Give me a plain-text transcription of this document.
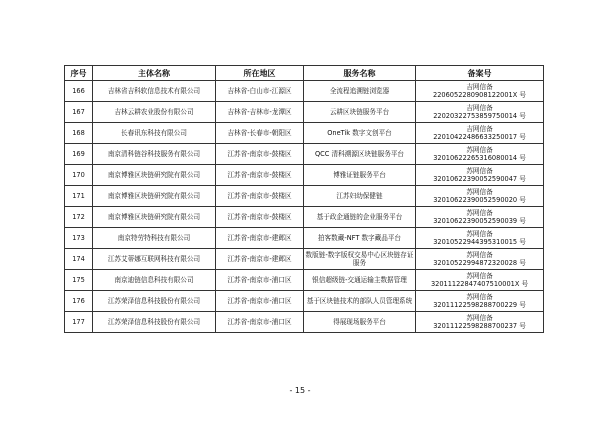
序号	主体名称	所在地区	服务名称	备案号
166	吉林省吉科软信息技术有限公司	吉林省-白山市-江源区	全流程追溯链浏览器	吉网信备
22060522809081220​01X 号

167	吉林云耕农业股份有限公司	吉林省-吉林市-龙潭区	云耕区块链服务平台	吉网信备
22020322753859750014 号

168	长春讯东科技有限公司	吉林省-长春市-朝阳区	OneTik 数字文创平台	吉网信备
22010422486633250017 号

169	南京清科链谷科技服务有限公司	江苏省-南京市-鼓楼区	QCC 清科溯源区块链服务平台	苏网信备
32010622265316080014 号

170	南京博雅区块链研究院有限公司	江苏省-南京市-鼓楼区	博雅证链服务平台	苏网信备
32010622390052590047 号

171	南京博雅区块链研究院有限公司	江苏省-南京市-鼓楼区	江苏妇幼保健链	苏网信备
32010622390052590020 号

172	南京博雅区块链研究院有限公司	江苏省-南京市-鼓楼区	基于政企通链的企业服务平台	苏网信备
32010622390052590039 号

173	南京特劳特科技有限公司	江苏省-南京市-建邺区	拍客数藏-NFT 数字藏品平台	苏网信备
32010522944395310015 号

174	江苏艾蒂娜互联网科技有限公司	江苏省-南京市-建邺区	数版链-数字版权交易中心区块链存证服务	苏网信备
32010522994872320028 号

175	南京迪链信息科技有限公司	江苏省-南京市-浦口区	银信超级链-交通运输主数据管理	苏网信备
32011122847407510001X 号

176	江苏荣泽信息科技股份有限公司	江苏省-南京市-浦口区	基于区块链技术的部队人员管理系统	苏网信备
32011122598288700229 号

177	江苏荣泽信息科技股份有限公司	江苏省-南京市-浦口区	得展现场服务平台	苏网信备
32011122598288700237 号
- 15 -
